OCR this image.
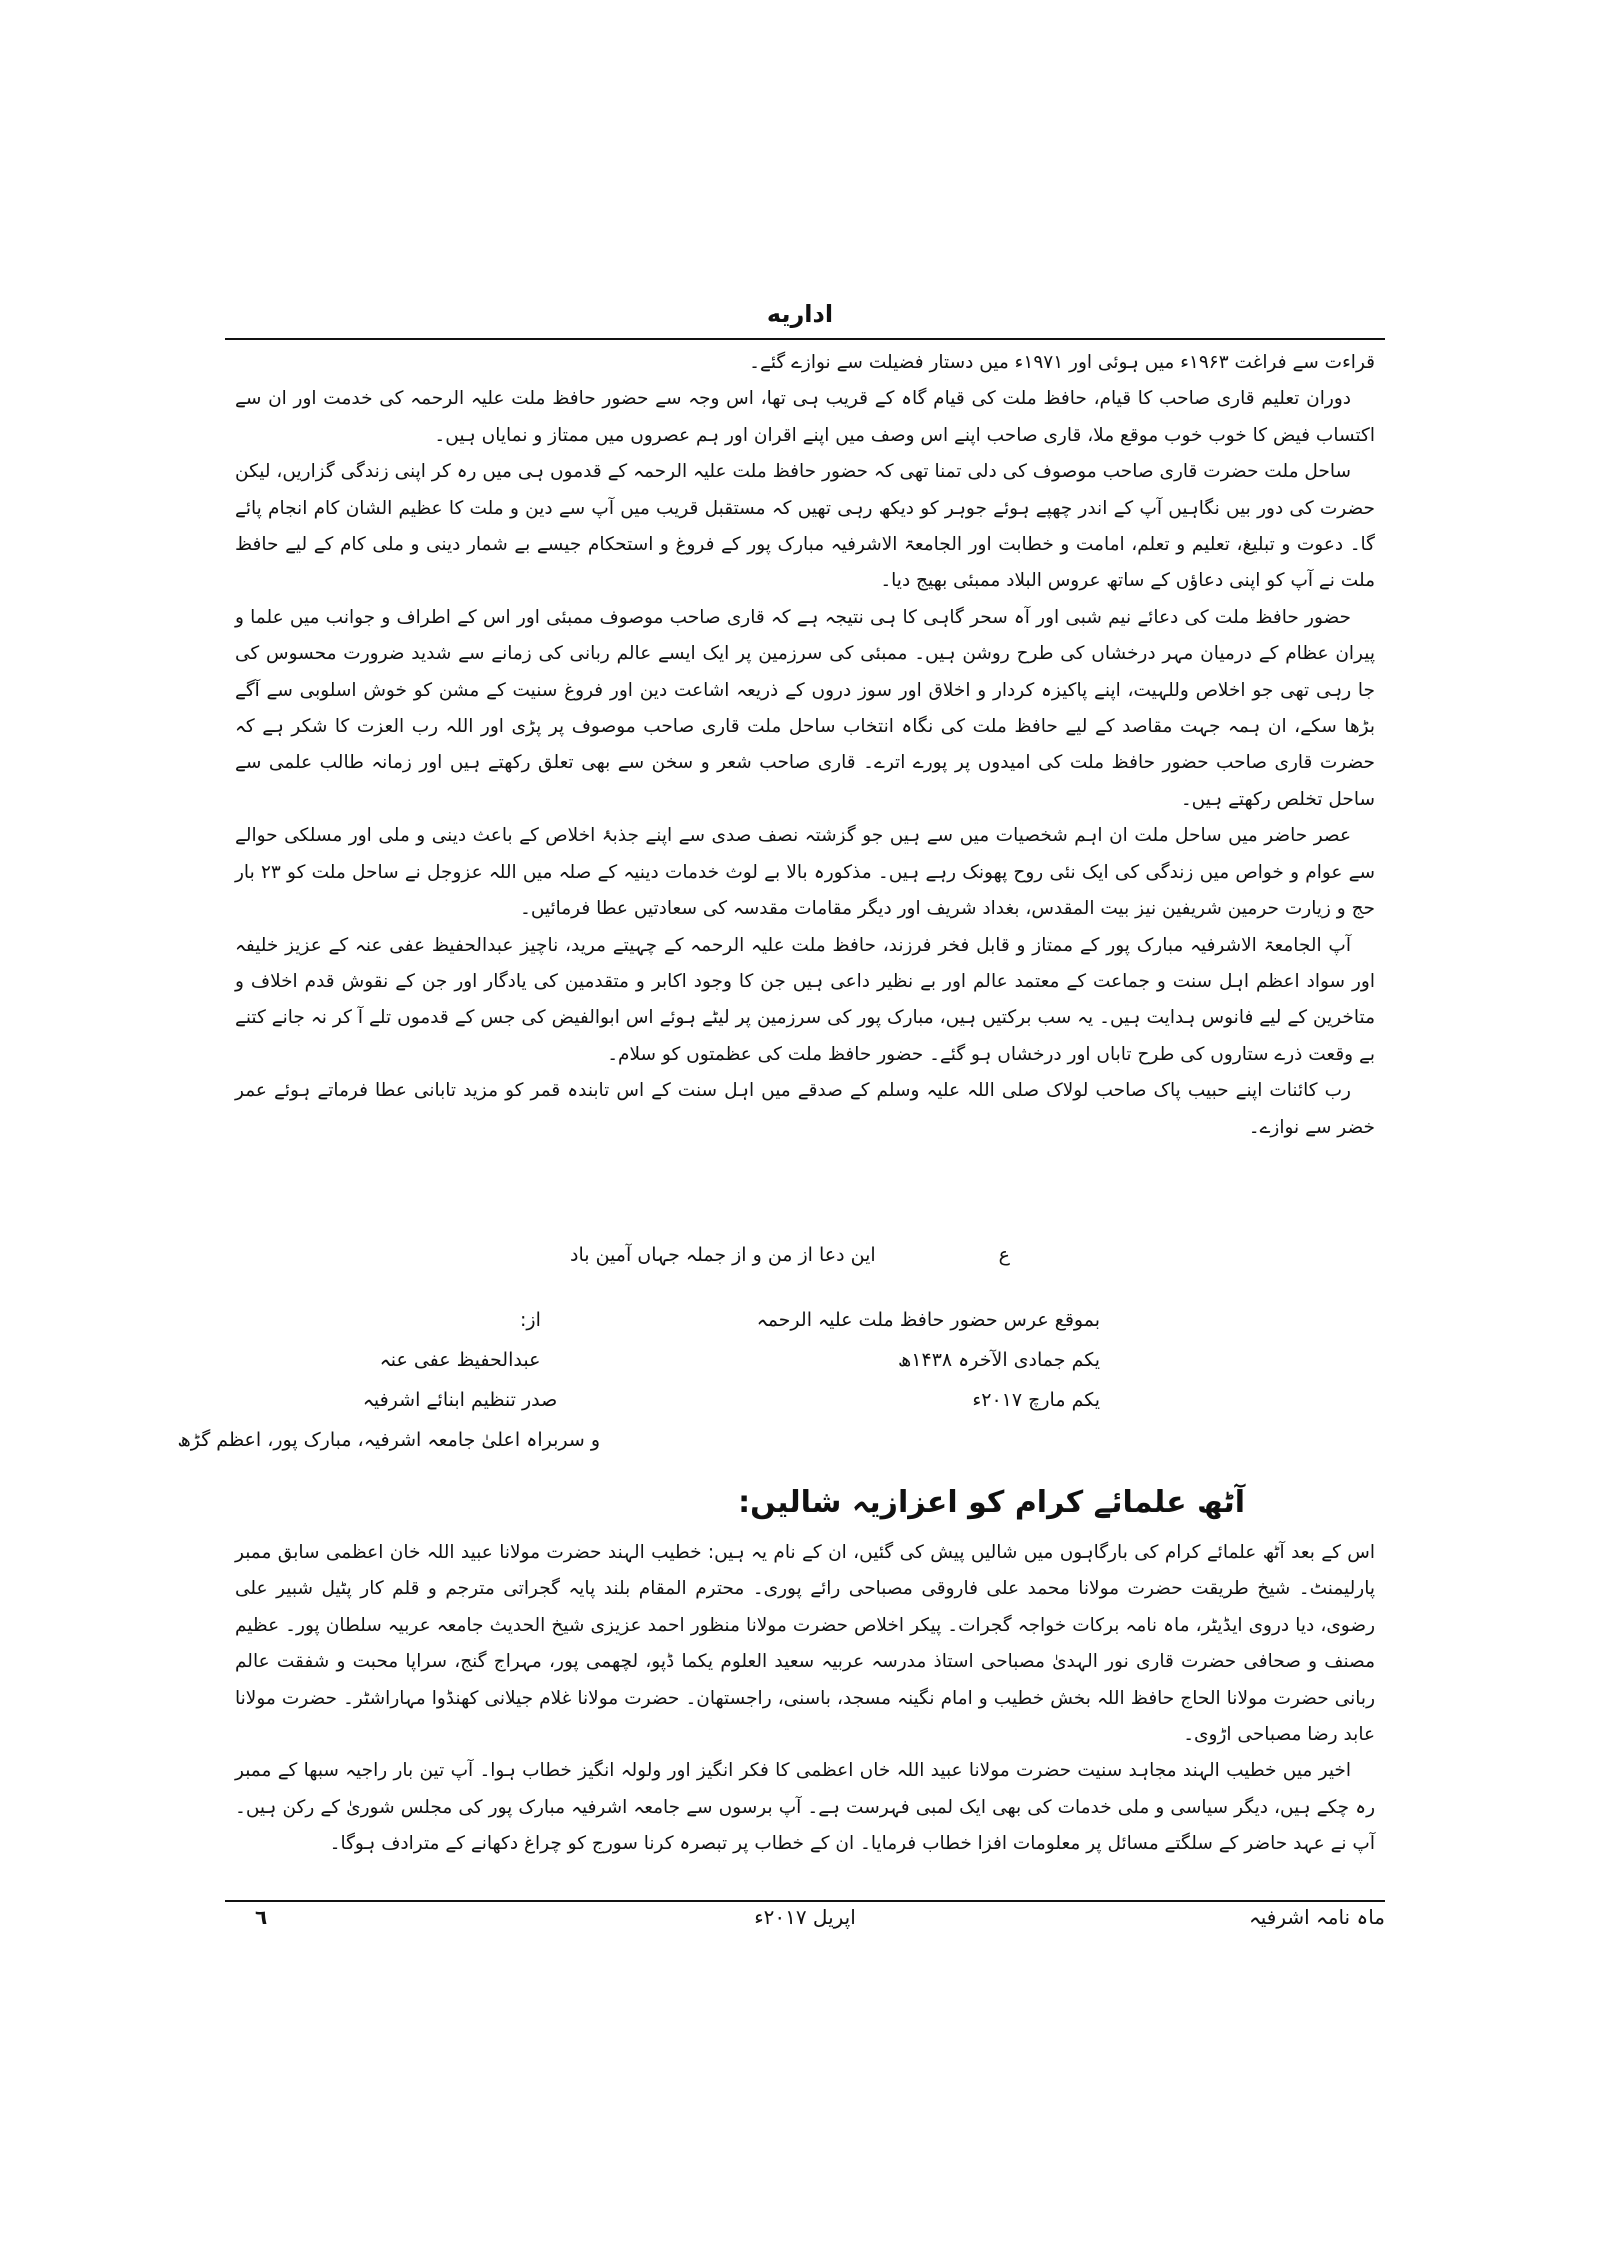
اداریه

قراءت سے فراغت ۱۹۶۳ء میں ہوئی اور ۱۹۷۱ء میں دستار فضیلت سے نوازے گئے۔

دوران تعلیم قاری صاحب کا قیام، حافظ ملت کی قیام گاہ کے قریب ہی تھا، اس وجہ سے حضور حافظ ملت علیہ الرحمہ کی خدمت اور ان سے اکتساب فیض کا خوب خوب موقع ملا، قاری صاحب اپنے اس وصف میں اپنے اقران اور ہم عصروں میں ممتاز و نمایاں ہیں۔

ساحل ملت حضرت قاری صاحب موصوف کی دلی تمنا تھی کہ حضور حافظ ملت علیہ الرحمہ کے قدموں ہی میں رہ کر اپنی زندگی گزاریں، لیکن حضرت کی دور بیں نگاہیں آپ کے اندر چھپے ہوئے جوہر کو دیکھ رہی تھیں کہ مستقبل قریب میں آپ سے دین و ملت کا عظیم الشان کام انجام پائے گا۔ دعوت و تبلیغ، تعلیم و تعلم، امامت و خطابت اور الجامعۃ الاشرفیہ مبارک پور کے فروغ و استحکام جیسے بے شمار دینی و ملی کام کے لیے حافظ ملت نے آپ کو اپنی دعاؤں کے ساتھ عروس البلاد ممبئی بھیج دیا۔

حضور حافظ ملت کی دعائے نیم شبی اور آہ سحر گاہی کا ہی نتیجہ ہے کہ قاری صاحب موصوف ممبئی اور اس کے اطراف و جوانب میں علما و پیران عظام کے درمیان مہر درخشاں کی طرح روشن ہیں۔ ممبئی کی سرزمین پر ایک ایسے عالم ربانی کی زمانے سے شدید ضرورت محسوس کی جا رہی تھی جو اخلاص وللہیت، اپنے پاکیزہ کردار و اخلاق اور سوز دروں کے ذریعہ اشاعت دین اور فروغ سنیت کے مشن کو خوش اسلوبی سے آگے بڑھا سکے، ان ہمہ جہت مقاصد کے لیے حافظ ملت کی نگاہ انتخاب ساحل ملت قاری صاحب موصوف پر پڑی اور اللہ رب العزت کا شکر ہے کہ حضرت قاری صاحب حضور حافظ ملت کی امیدوں پر پورے اترے۔ قاری صاحب شعر و سخن سے بھی تعلق رکھتے ہیں اور زمانہ طالب علمی سے ساحل تخلص رکھتے ہیں۔

عصر حاضر میں ساحل ملت ان اہم شخصیات میں سے ہیں جو گزشتہ نصف صدی سے اپنے جذبۂ اخلاص کے باعث دینی و ملی اور مسلکی حوالے سے عوام و خواص میں زندگی کی ایک نئی روح پھونک رہے ہیں۔ مذکورہ بالا بے لوث خدمات دینیہ کے صلہ میں اللہ عزوجل نے ساحل ملت کو ۲۳ بار حج و زیارت حرمین شریفین نیز بیت المقدس، بغداد شریف اور دیگر مقامات مقدسہ کی سعادتیں عطا فرمائیں۔

آپ الجامعۃ الاشرفیہ مبارک پور کے ممتاز و قابل فخر فرزند، حافظ ملت علیہ الرحمہ کے چہیتے مرید، ناچیز عبدالحفیظ عفی عنہ کے عزیز خلیفہ اور سواد اعظم اہل سنت و جماعت کے معتمد عالم اور بے نظیر داعی ہیں جن کا وجود اکابر و متقدمین کی یادگار اور جن کے نقوش قدم اخلاف و متاخرین کے لیے فانوس ہدایت ہیں۔ یہ سب برکتیں ہیں، مبارک پور کی سرزمین پر لیٹے ہوئے اس ابوالفیض کی جس کے قدموں تلے آ کر نہ جانے کتنے بے وقعت ذرے ستاروں کی طرح تاباں اور درخشاں ہو گئے۔ حضور حافظ ملت کی عظمتوں کو سلام۔

رب کائنات اپنے حبیب پاک صاحب لولاک صلی اللہ علیہ وسلم کے صدقے میں اہل سنت کے اس تابندہ قمر کو مزید تابانی عطا فرماتے ہوئے عمر خضر سے نوازے۔

ع
این دعا از من و از جملہ جہاں آمین باد
بموقع عرس حضور حافظ ملت علیہ الرحمہ
یکم جمادی الآخرہ ۱۴۳۸ھ
یکم مارچ ۲۰۱۷ء
از:
عبدالحفیظ عفی عنہ
صدر تنظیم ابنائے اشرفیہ
و سربراہ اعلیٰ جامعہ اشرفیہ، مبارک پور، اعظم گڑھ
آٹھ علمائے کرام کو اعزازیہ شالیں:

اس کے بعد آٹھ علمائے کرام کی بارگاہوں میں شالیں پیش کی گئیں، ان کے نام یہ ہیں: خطیب الہند حضرت مولانا عبید اللہ خان اعظمی سابق ممبر پارلیمنٹ۔ شیخ طریقت حضرت مولانا محمد علی فاروقی مصباحی رائے پوری۔ محترم المقام بلند پایہ گجراتی مترجم و قلم کار پٹیل شبیر علی رضوی، دیا دروی ایڈیٹر، ماہ نامہ برکات خواجہ گجرات۔ پیکر اخلاص حضرت مولانا منظور احمد عزیزی شیخ الحدیث جامعہ عربیہ سلطان پور۔ عظیم مصنف و صحافی حضرت قاری نور الہدیٰ مصباحی استاذ مدرسہ عربیہ سعید العلوم یکما ڈپو، لچھمی پور، مہراج گنج، سراپا محبت و شفقت عالم ربانی حضرت مولانا الحاج حافظ اللہ بخش خطیب و امام نگینہ مسجد، باسنی، راجستھان۔ حضرت مولانا غلام جیلانی کھنڈوا مہاراشٹر۔ حضرت مولانا عابد رضا مصباحی اڑوی۔

اخیر میں خطیب الہند مجاہد سنیت حضرت مولانا عبید اللہ خاں اعظمی کا فکر انگیز اور ولولہ انگیز خطاب ہوا۔ آپ تین بار راجیہ سبھا کے ممبر رہ چکے ہیں، دیگر سیاسی و ملی خدمات کی بھی ایک لمبی فہرست ہے۔ آپ برسوں سے جامعہ اشرفیہ مبارک پور کی مجلس شوریٰ کے رکن ہیں۔ آپ نے عہد حاضر کے سلگتے مسائل پر معلومات افزا خطاب فرمایا۔ ان کے خطاب پر تبصرہ کرنا سورج کو چراغ دکھانے کے مترادف ہوگا۔

ماہ نامہ اشرفیہ
اپریل ۲۰۱۷ء
٦
